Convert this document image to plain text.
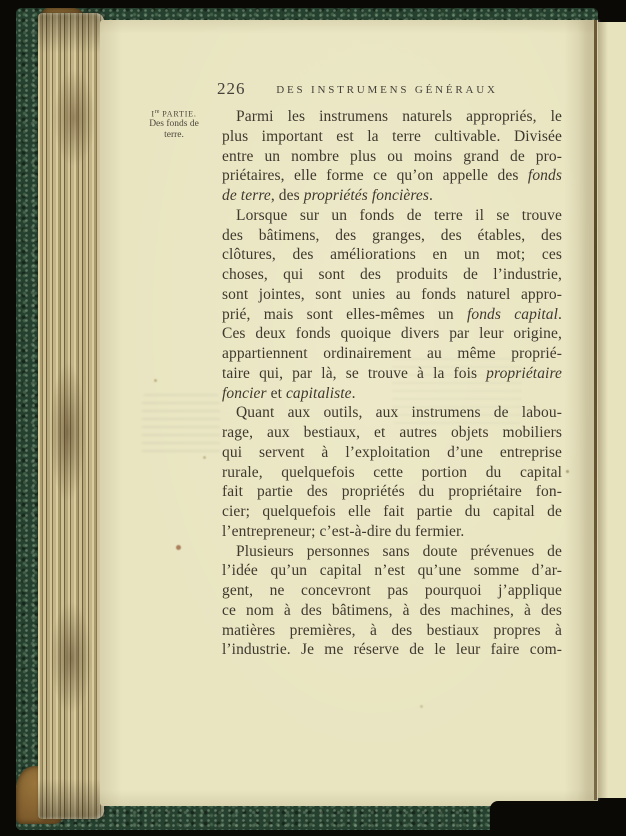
226	DES INSTRUMENS GÉNÉRAUX
Ire PARTIE.
Des fonds de
terre.
Parmi les instrumens naturels appropriés, le
plus important est la terre cultivable. Divisée
entre un nombre plus ou moins grand de pro-
priétaires, elle forme ce qu’on appelle des fonds
de terre, des propriétés foncières.
Lorsque sur un fonds de terre il se trouve
des bâtimens, des granges, des étables, des
clôtures, des améliorations en un mot; ces
choses, qui sont des produits de l’industrie,
sont jointes, sont unies au fonds naturel appro-
prié, mais sont elles-mêmes un fonds capital.
Ces deux fonds quoique divers par leur origine,
appartiennent ordinairement au même proprié-
taire qui, par là, se trouve à la fois propriétaire
foncier et capitaliste.
Quant aux outils, aux instrumens de labou-
rage, aux bestiaux, et autres objets mobiliers
qui servent à l’exploitation d’une entreprise
rurale, quelquefois cette portion du capital
fait partie des propriétés du propriétaire fon-
cier; quelquefois elle fait partie du capital de
l’entrepreneur; c’est-à-dire du fermier.
Plusieurs personnes sans doute prévenues de
l’idée qu’un capital n’est qu’une somme d’ar-
gent, ne concevront pas pourquoi j’applique
ce nom à des bâtimens, à des machines, à des
matières premières, à des bestiaux propres à
l’industrie. Je me réserve de le leur faire com-
